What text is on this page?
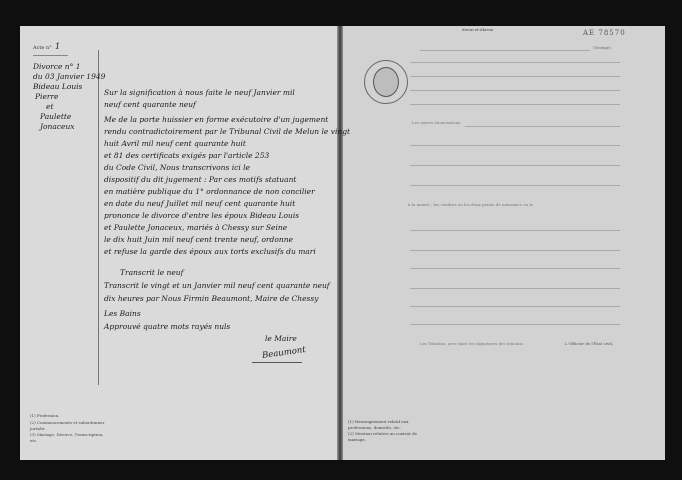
Acte n° 1
Divorce n° 1
du 03 Janvier 1949
Bideau Louis
Pierre
et
Paulette
Jonaceux
Sur la signification à nous faite le neuf Janvier mil
neuf cent quarante neuf
Me de la porte huissier en forme exécutoire d'un jugement
rendu contradictoirement par le Tribunal Civil de Melun le vingt
huit Avril mil neuf cent quarante huit
et 81 des certificats exigés par l'article 253
du Code Civil, Nous transcrivons ici le
dispositif du dit jugement : Par ces motifs statuant
en matière publique du 1° ordonnance de non concilier
en date du neuf Juillet mil neuf cent quarante huit
prononce le divorce d'entre les époux Bideau Louis
et Paulette Jonaceux, mariés à Chessy sur Seine
le dix huit Juin mil neuf cent trente neuf, ordonne
et refuse la garde des époux aux torts exclusifs du mari
Transcrit le neuf
Transcrit le vingt et un Janvier mil neuf cent quarante neuf
dix heures par Nous Firmin Beaumont, Maire de Chessy
Les Bains
Approuvé quatre mots rayés nuls
le Maire
Beaumont
(1) Profession.
(2) Commencements et subordonner
jurisdic
(3) Mariage, Divorce, Transcription,
etc.
Seine-et-Marne	AE 78570
(Vestige)
Les autres énonciations
à la mairie ; les cendres ou les deux points de naissance ou le
Les Témoins, avec faire les signatures des témoins	L'Officier de l'État civil,
(1) Renseignement relatif aux
professions, domicile, etc.
(2) Mention relative au contrat de
mariage.
